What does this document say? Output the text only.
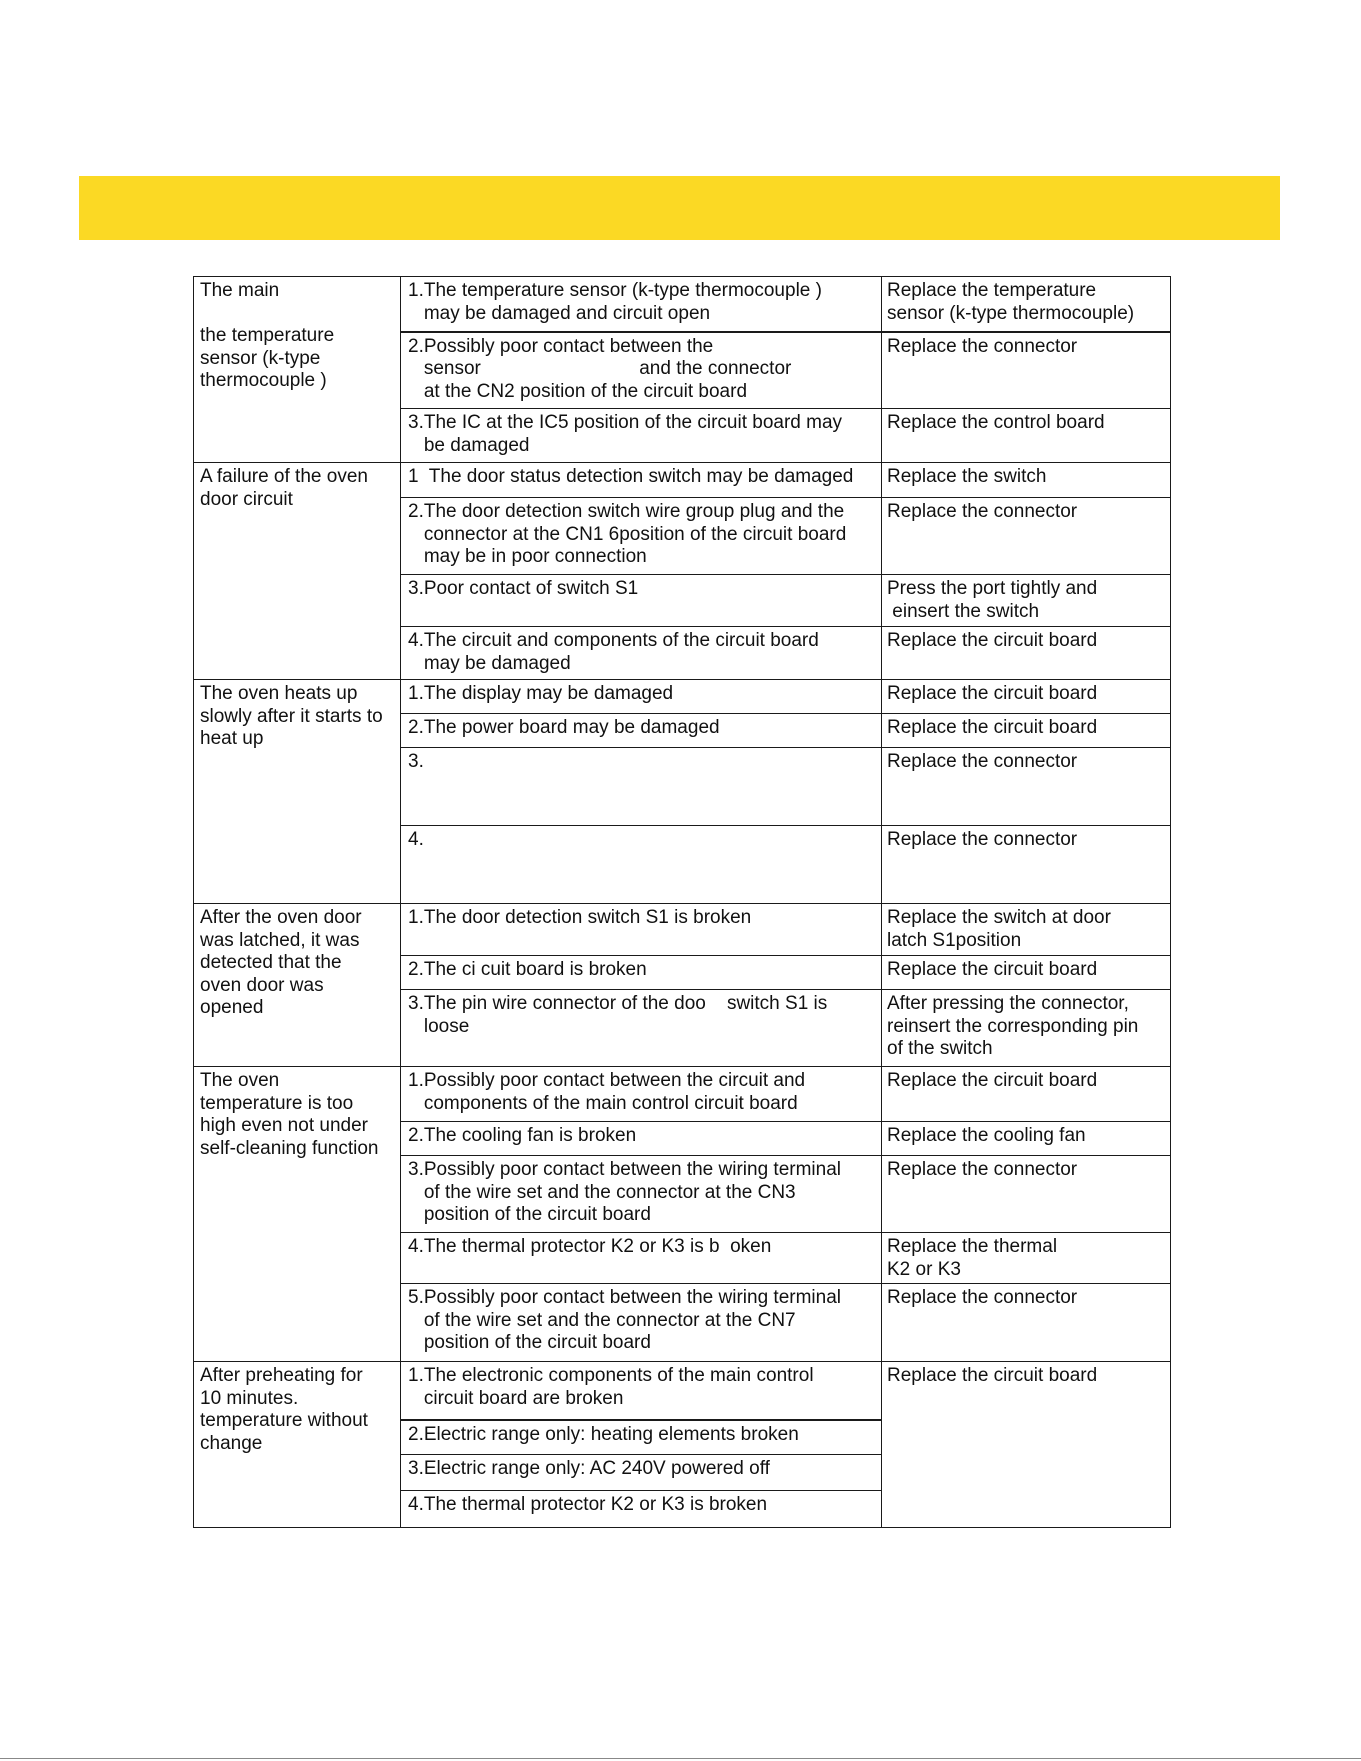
The main

the temperature
sensor (k-type
thermocouple )	1.The temperature sensor (k-type thermocouple )
may be damaged and circuit open	Replace the temperature
sensor (k-type thermocouple)
	2.Possibly poor contact between the
sensor                              and the connector
at the CN2 position of the circuit board	Replace the connector
	3.The IC at the IC5 position of the circuit board may
be damaged	Replace the control board
A failure of the oven
door circuit	1  The door status detection switch may be damaged	Replace the switch
	2.The door detection switch wire group plug and the
connector at the CN1 6position of the circuit board
may be in poor connection	Replace the connector
	3.Poor contact of switch S1	Press the port tightly and
einsert the switch
	4.The circuit and components of the circuit board
may be damaged	Replace the circuit board
The oven heats up
slowly after it starts to
heat up	1.The display may be damaged	Replace the circuit board
	2.The power board may be damaged	Replace the circuit board
	3.	Replace the connector
	4.	Replace the connector
After the oven door
was latched, it was
detected that the
oven door was
opened	1.The door detection switch S1 is broken	Replace the switch at door
latch S1position
	2.The ci cuit board is broken	Replace the circuit board
	3.The pin wire connector of the doo    switch S1 is
loose	After pressing the connector,
reinsert the corresponding pin
of the switch
The oven
temperature is too
high even not under
self-cleaning function	1.Possibly poor contact between the circuit and
components of the main control circuit board	Replace the circuit board
	2.The cooling fan is broken	Replace the cooling fan
	3.Possibly poor contact between the wiring terminal
of the wire set and the connector at the CN3
position of the circuit board	Replace the connector
	4.The thermal protector K2 or K3 is b  oken	Replace the thermal
K2 or K3
	5.Possibly poor contact between the wiring terminal
of the wire set and the connector at the CN7
position of the circuit board	Replace the connector
After preheating for
10 minutes.
temperature without
change	1.The electronic components of the main control
circuit board are broken	Replace the circuit board
	2.Electric range only: heating elements broken	
	3.Electric range only: AC 240V powered off	
	4.The thermal protector K2 or K3 is broken	
